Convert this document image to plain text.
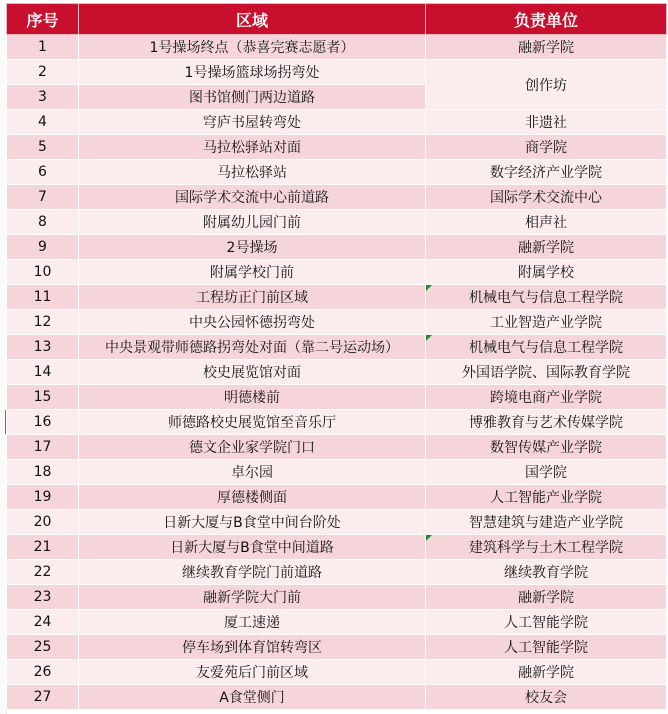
序号	区域	负责单位
1	1号操场终点（恭喜完赛志愿者）	融新学院
2	1号操场篮球场拐弯处	创作坊
3	图书馆侧门两边道路	
4	穹庐书屋转弯处	非遗社
5	马拉松驿站对面	商学院
6	马拉松驿站	数字经济产业学院
7	国际学术交流中心前道路	国际学术交流中心
8	附属幼儿园门前	相声社
9	2号操场	融新学院
10	附属学校门前	附属学校
11	工程坊正门前区域	机械电气与信息工程学院
12	中央公园怀德拐弯处	工业智造产业学院
13	中央景观带师德路拐弯处对面（靠二号运动场）	机械电气与信息工程学院
14	校史展览馆对面	外国语学院、国际教育学院
15	明德楼前	跨境电商产业学院
16	师德路校史展览馆至音乐厅	博雅教育与艺术传媒学院
17	德文企业家学院门口	数智传媒产业学院
18	卓尔园	国学院
19	厚德楼侧面	人工智能产业学院
20	日新大厦与B食堂中间台阶处	智慧建筑与建造产业学院
21	日新大厦与B食堂中间道路	建筑科学与土木工程学院
22	继续教育学院门前道路	继续教育学院
23	融新学院大门前	融新学院
24	厦工速递	人工智能学院
25	停车场到体育馆转弯区	人工智能学院
26	友爱苑后门前区域	融新学院
27	A食堂侧门	校友会
